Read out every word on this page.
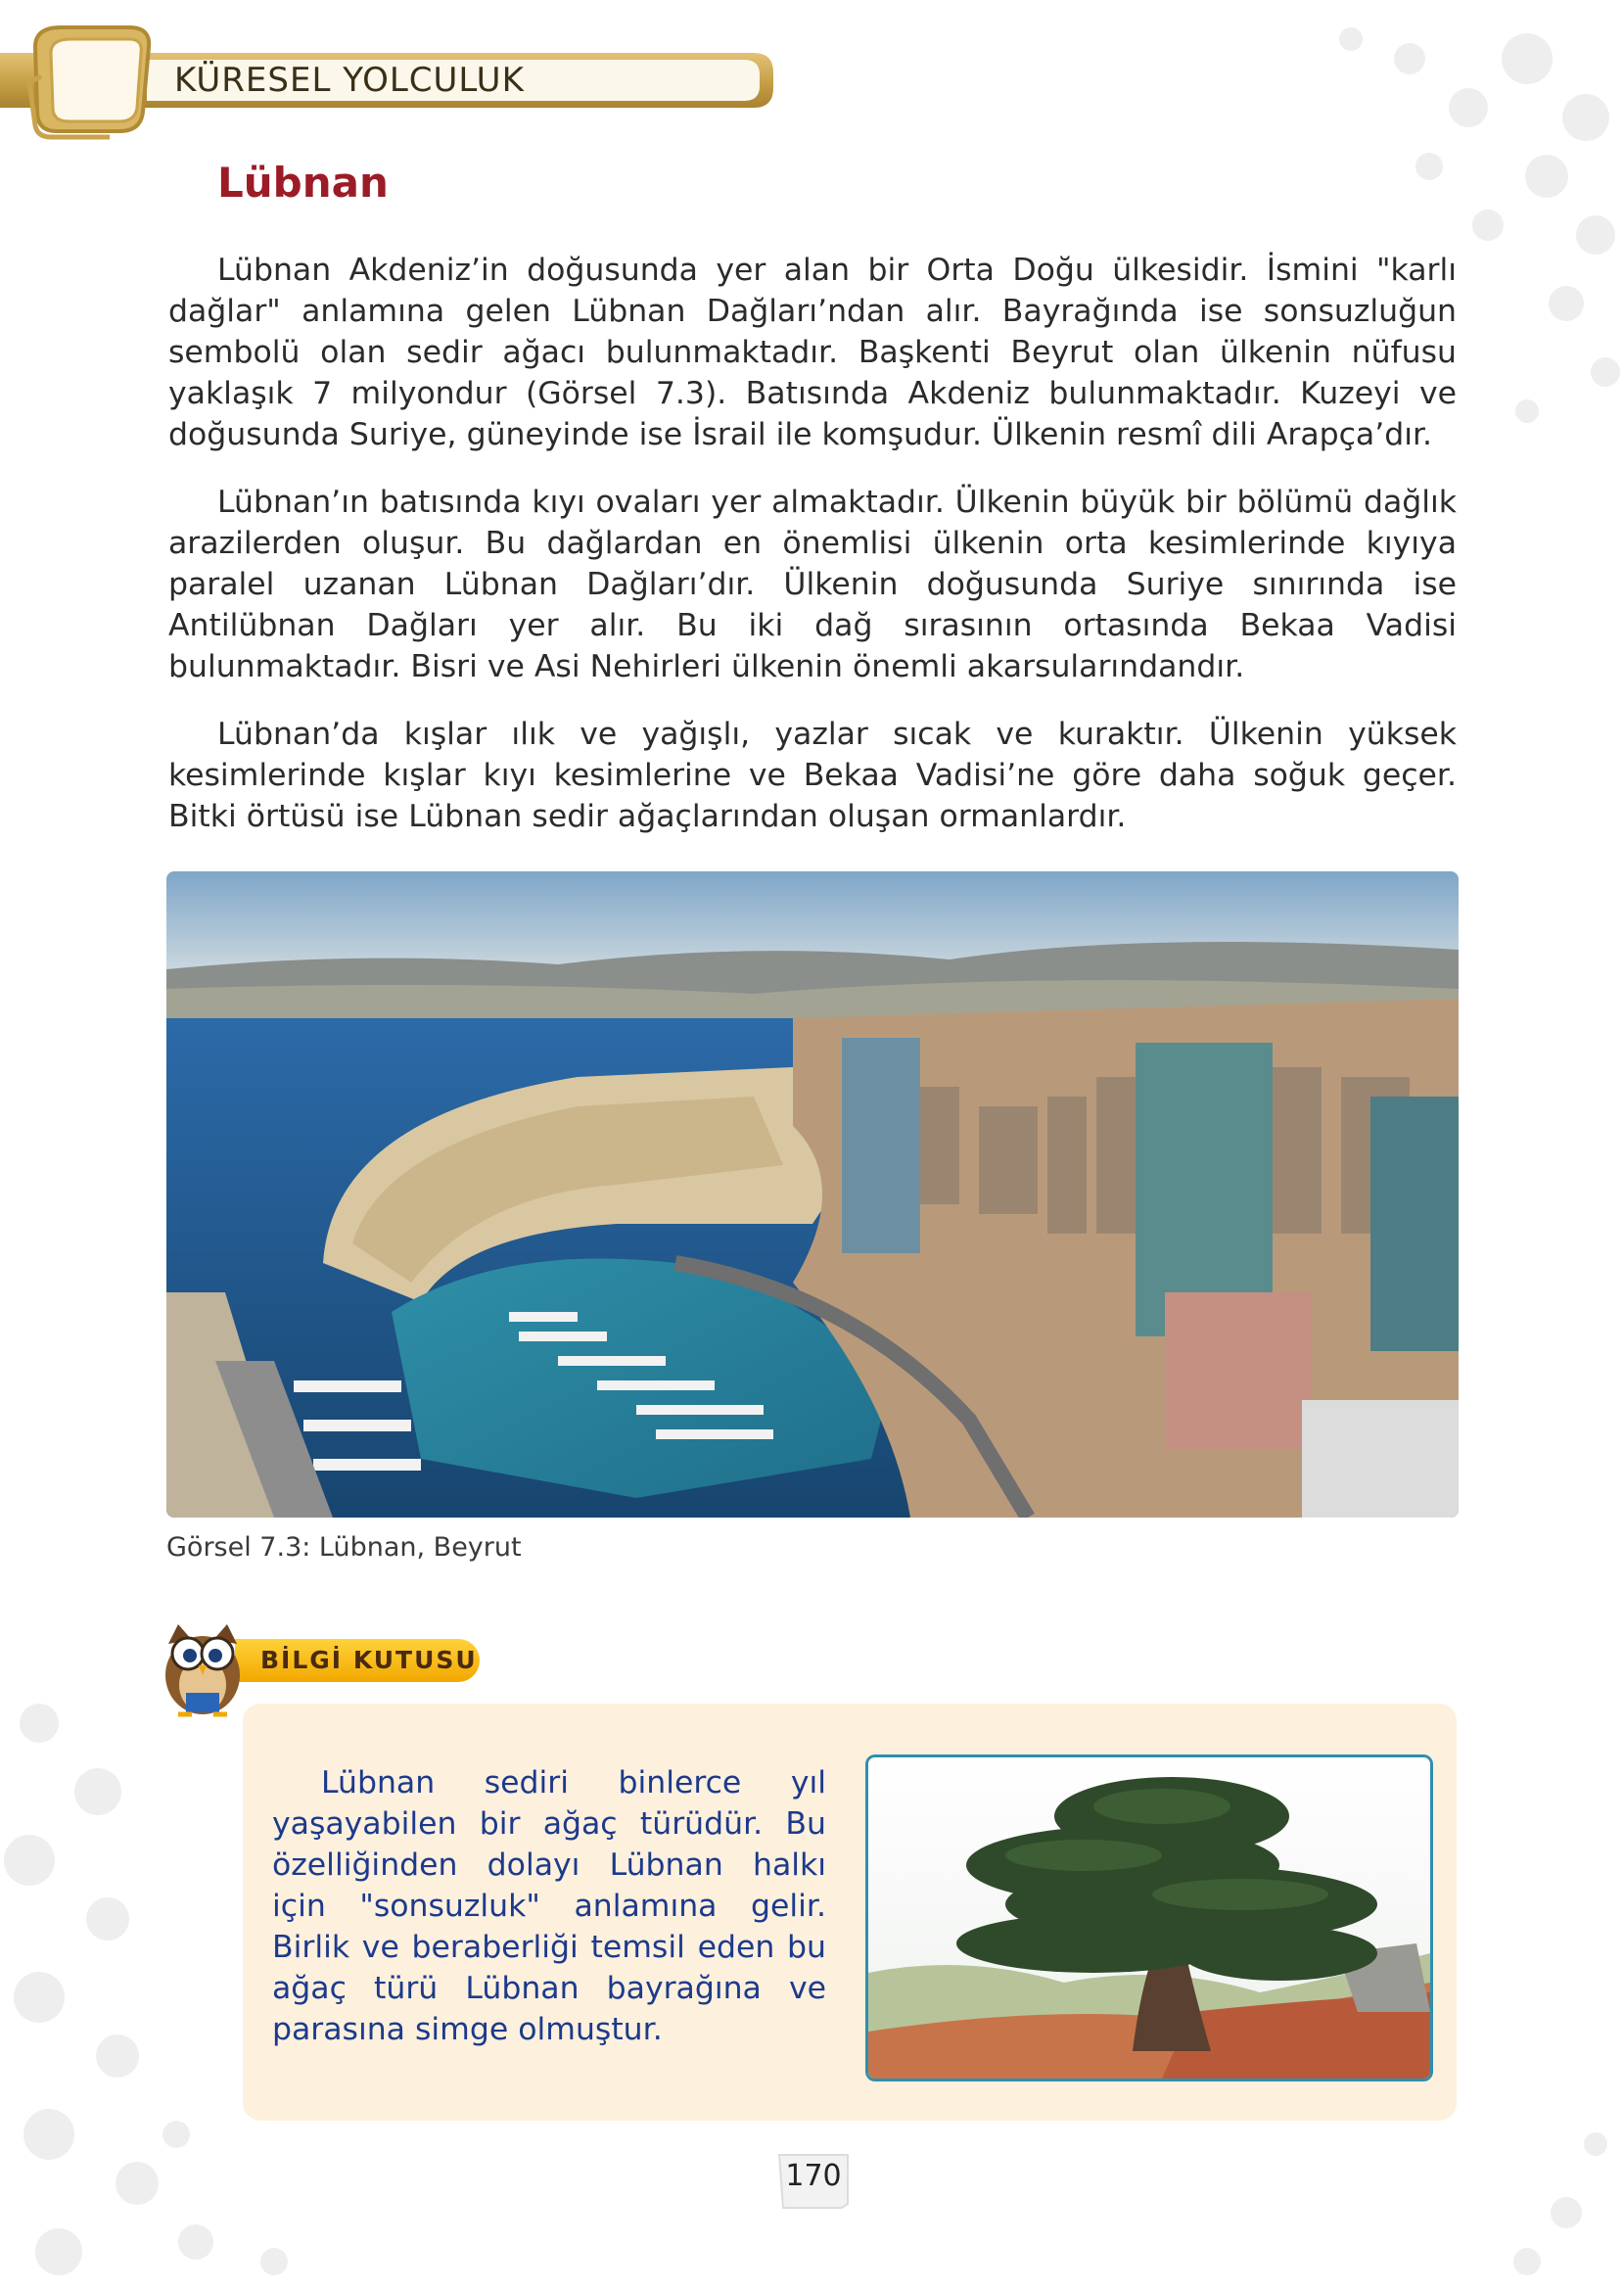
KÜRESEL YOLCULUK
Lübnan

Lübnan Akdeniz’in doğusunda yer alan bir Orta Doğu ülkesidir. İsmini "karlı dağlar" anlamına gelen Lübnan Dağları’ndan alır. Bayrağında ise sonsuzluğun sembolü olan sedir ağacı bulunmaktadır. Başkenti Beyrut olan ülkenin nüfusu yaklaşık 7 milyondur (Görsel 7.3). Batısında Akdeniz bulunmaktadır. Kuzeyi ve doğusunda Suriye, güneyinde ise İsrail ile komşudur. Ülkenin resmî dili Arapça’dır.

Lübnan’ın batısında kıyı ovaları yer almaktadır. Ülkenin büyük bir bölümü dağlık arazilerden oluşur. Bu dağlardan en önemlisi ülkenin orta kesimlerinde kıyıya paralel uzanan Lübnan Dağları’dır. Ülkenin doğusunda Suriye sınırında ise Antilübnan Dağları yer alır. Bu iki dağ sırasının ortasında Bekaa Vadisi bulunmaktadır. Bisri ve Asi Nehirleri ülkenin önemli akarsularındandır.

Lübnan’da kışlar ılık ve yağışlı, yazlar sıcak ve kuraktır. Ülkenin yüksek kesimlerinde kışlar kıyı kesimlerine ve Bekaa Vadisi’ne göre daha soğuk geçer. Bitki örtüsü ise Lübnan sedir ağaçlarından oluşan ormanlardır.

Görsel 7.3: Lübnan, Beyrut
BİLGİ KUTUSU

Lübnan sediri binlerce yıl yaşayabilen bir ağaç türüdür. Bu özelliğinden dolayı Lübnan halkı için "sonsuzluk" anlamına gelir. Birlik ve beraberliği temsil eden bu ağaç türü Lübnan bayrağına ve parasına simge olmuştur.

170
